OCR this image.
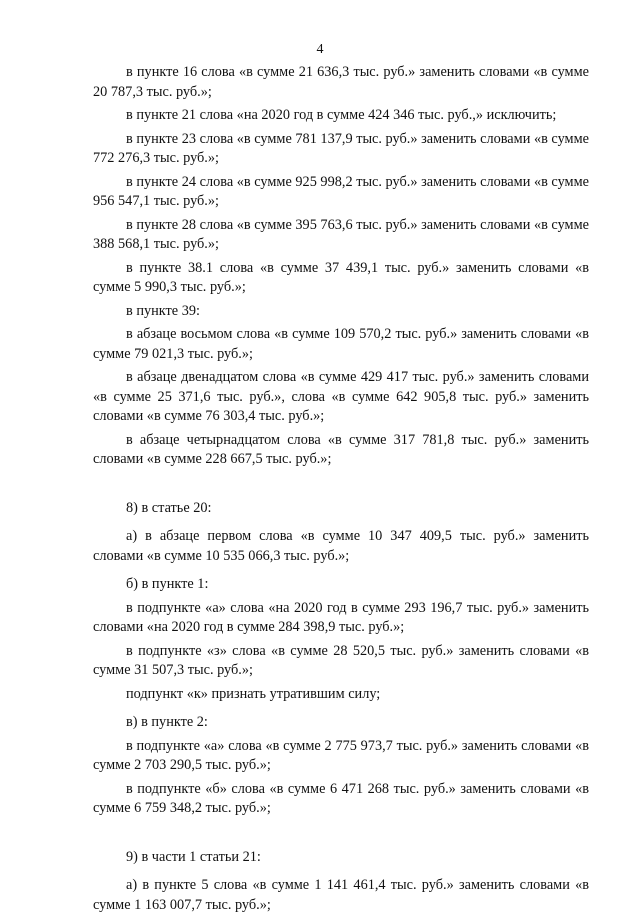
4

в пункте 16 слова «в сумме 21 636,3 тыс. руб.» заменить словами «в сумме 20 787,3 тыс. руб.»;

в пункте 21 слова «на 2020 год в сумме 424 346 тыс. руб.,» исключить;

в пункте 23 слова «в сумме 781 137,9 тыс. руб.» заменить словами «в сумме 772 276,3 тыс. руб.»;

в пункте 24 слова «в сумме 925 998,2 тыс. руб.» заменить словами «в сумме 956 547,1 тыс. руб.»;

в пункте 28 слова «в сумме 395 763,6 тыс. руб.» заменить словами «в сумме 388 568,1 тыс. руб.»;

в пункте 38.1 слова «в сумме 37 439,1 тыс. руб.» заменить словами «в сумме 5 990,3 тыс. руб.»;

в пункте 39:

в абзаце восьмом слова «в сумме 109 570,2 тыс. руб.» заменить словами «в сумме 79 021,3 тыс. руб.»;

в абзаце двенадцатом слова «в сумме 429 417 тыс. руб.» заменить словами «в сумме 25 371,6 тыс. руб.», слова «в сумме 642 905,8 тыс. руб.» заменить словами «в сумме 76 303,4 тыс. руб.»;

в абзаце четырнадцатом слова «в сумме 317 781,8 тыс. руб.» заменить словами «в сумме 228 667,5 тыс. руб.»;

8) в статье 20:

а) в абзаце первом слова «в сумме 10 347 409,5 тыс. руб.» заменить словами «в сумме 10 535 066,3 тыс. руб.»;

б) в пункте 1:

в подпункте «а» слова «на 2020 год в сумме 293 196,7 тыс. руб.» заменить словами «на 2020 год в сумме 284 398,9 тыс. руб.»;

в подпункте «з» слова «в сумме 28 520,5 тыс. руб.» заменить словами «в сумме 31 507,3 тыс. руб.»;

подпункт «к» признать утратившим силу;

в) в пункте 2:

в подпункте «а» слова «в сумме 2 775 973,7 тыс. руб.» заменить словами «в сумме 2 703 290,5 тыс. руб.»;

в подпункте «б» слова «в сумме 6 471 268 тыс. руб.» заменить словами «в сумме 6 759 348,2 тыс. руб.»;

9) в части 1 статьи 21:

а) в пункте 5 слова «в сумме 1 141 461,4 тыс. руб.» заменить словами «в сумме 1 163 007,7 тыс. руб.»;
